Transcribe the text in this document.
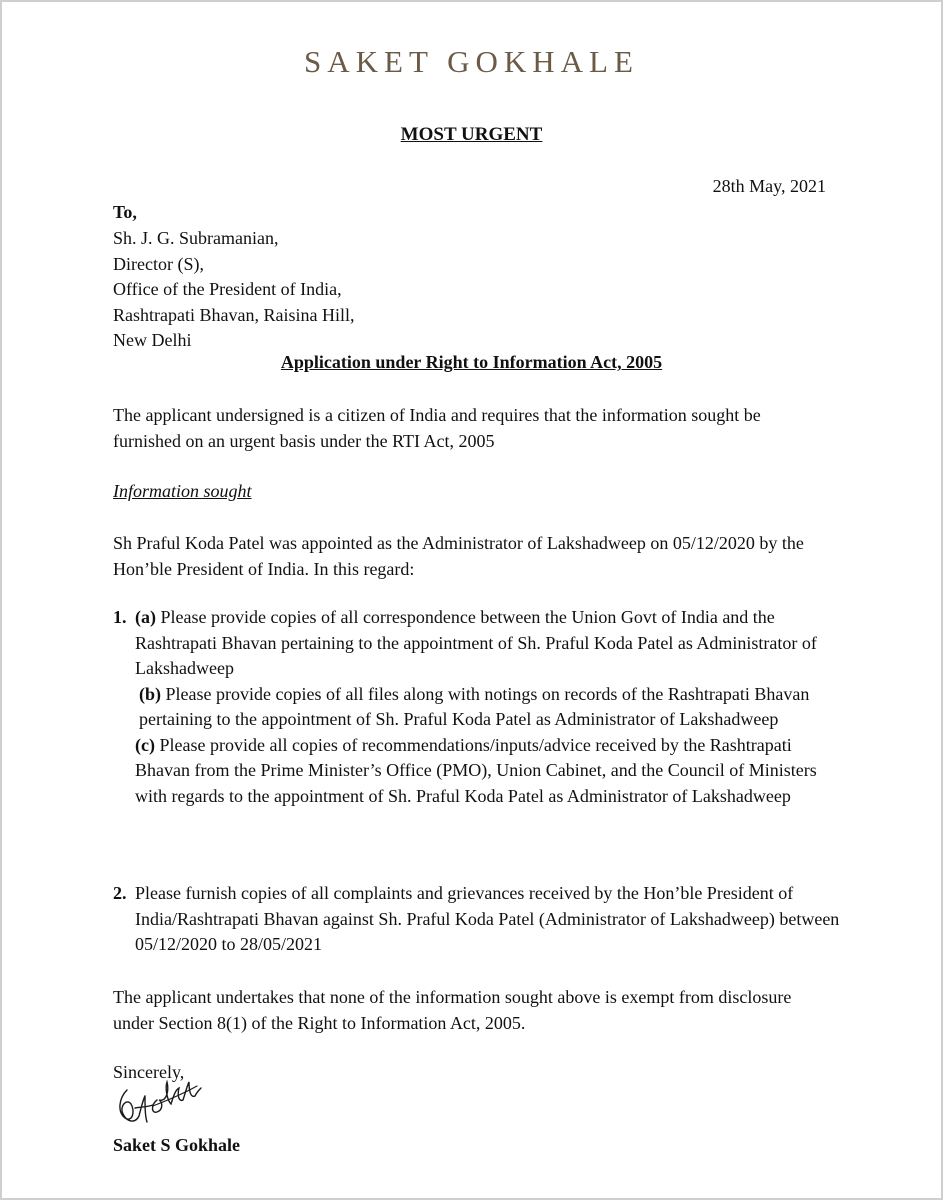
SAKET GOKHALE
MOST URGENT
28th May, 2021
To,
Sh. J. G. Subramanian,
Director (S),
Office of the President of India,
Rashtrapati Bhavan, Raisina Hill,
New Delhi
Application under Right to Information Act, 2005

The applicant undersigned is a citizen of India and requires that the information sought be furnished on an urgent basis under the RTI Act, 2005

Information sought

Sh Praful Koda Patel was appointed as the Administrator of Lakshadweep on 05/12/2020 by the Hon’ble President of India. In this regard:

1. (a) Please provide copies of all correspondence between the Union Govt of India and the Rashtrapati Bhavan pertaining to the appointment of Sh. Praful Koda Patel as Administrator of Lakshadweep
(b) Please provide copies of all files along with notings on records of the Rashtrapati Bhavan pertaining to the appointment of Sh. Praful Koda Patel as Administrator of Lakshadweep
(c) Please provide all copies of recommendations/inputs/advice received by the Rashtrapati Bhavan from the Prime Minister’s Office (PMO), Union Cabinet, and the Council of Ministers with regards to the appointment of Sh. Praful Koda Patel as Administrator of Lakshadweep
2. Please furnish copies of all complaints and grievances received by the Hon’ble President of India/Rashtrapati Bhavan against Sh. Praful Koda Patel (Administrator of Lakshadweep) between 05/12/2020 to 28/05/2021

The applicant undertakes that none of the information sought above is exempt from disclosure under Section 8(1) of the Right to Information Act, 2005.

Sincerely,
Saket S Gokhale
